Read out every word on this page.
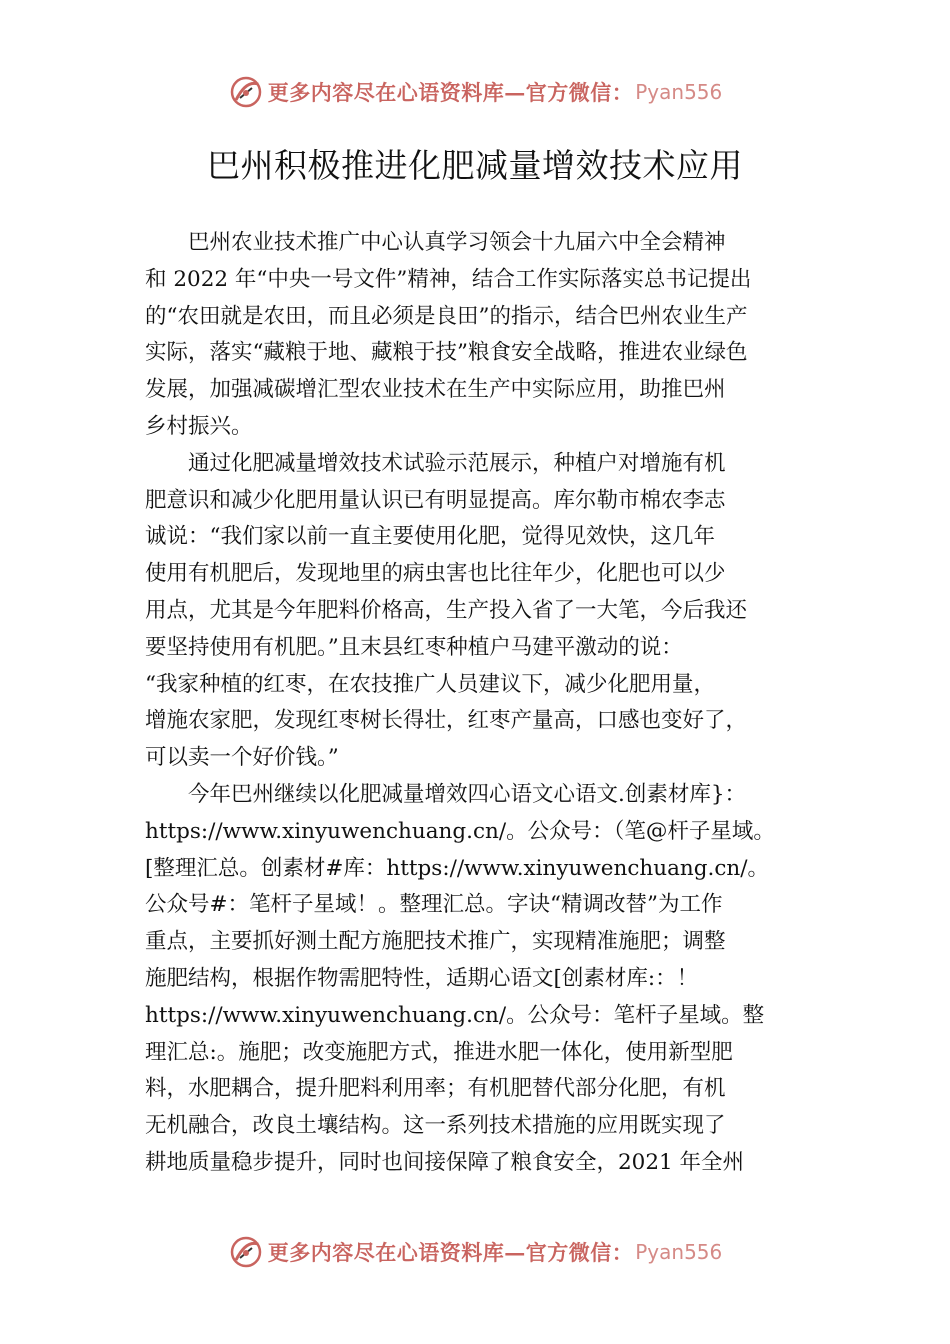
更多内容尽在心语资料库—官方微信： Pyan556
巴州积极推进化肥减量增效技术应用

巴州农业技术推广中心认真学习领会十九届六中全会精神
和 2022 年“中央一号文件”精神，结合工作实际落实总书记提出
的“农田就是农田，而且必须是良田”的指示，结合巴州农业生产
实际，落实“藏粮于地、藏粮于技”粮食安全战略，推进农业绿色
发展，加强减碳增汇型农业技术在生产中实际应用，助推巴州
乡村振兴。

通过化肥减量增效技术试验示范展示，种植户对增施有机
肥意识和减少化肥用量认识已有明显提高。库尔勒市棉农李志
诚说：“我们家以前一直主要使用化肥，觉得见效快，这几年
使用有机肥后，发现地里的病虫害也比往年少，化肥也可以少
用点，尤其是今年肥料价格高，生产投入省了一大笔，今后我还
要坚持使用有机肥。”且末县红枣种植户马建平激动的说：
“我家种植的红枣，在农技推广人员建议下，减少化肥用量，
增施农家肥，发现红枣树长得壮，红枣产量高，口感也变好了，
可以卖一个好价钱。”

今年巴州继续以化肥减量增效四心语文心语文.创素材库}：
https://www.xinyuwenchuang.cn/。公众号：（笔@杆子星域。
[整理汇总。创素材#库：https://www.xinyuwenchuang.cn/。
公众号#：笔杆子星域！。整理汇总。字诀“精调改替”为工作
重点，主要抓好测土配方施肥技术推广，实现精准施肥；调整
施肥结构，根据作物需肥特性，适期心语文[创素材库:：！
https://www.xinyuwenchuang.cn/。公众号：笔杆子星域。整
理汇总:。施肥；改变施肥方式，推进水肥一体化，使用新型肥
料，水肥耦合，提升肥料利用率；有机肥替代部分化肥，有机
无机融合，改良土壤结构。这一系列技术措施的应用既实现了
耕地质量稳步提升，同时也间接保障了粮食安全，2021 年全州

更多内容尽在心语资料库—官方微信： Pyan556
